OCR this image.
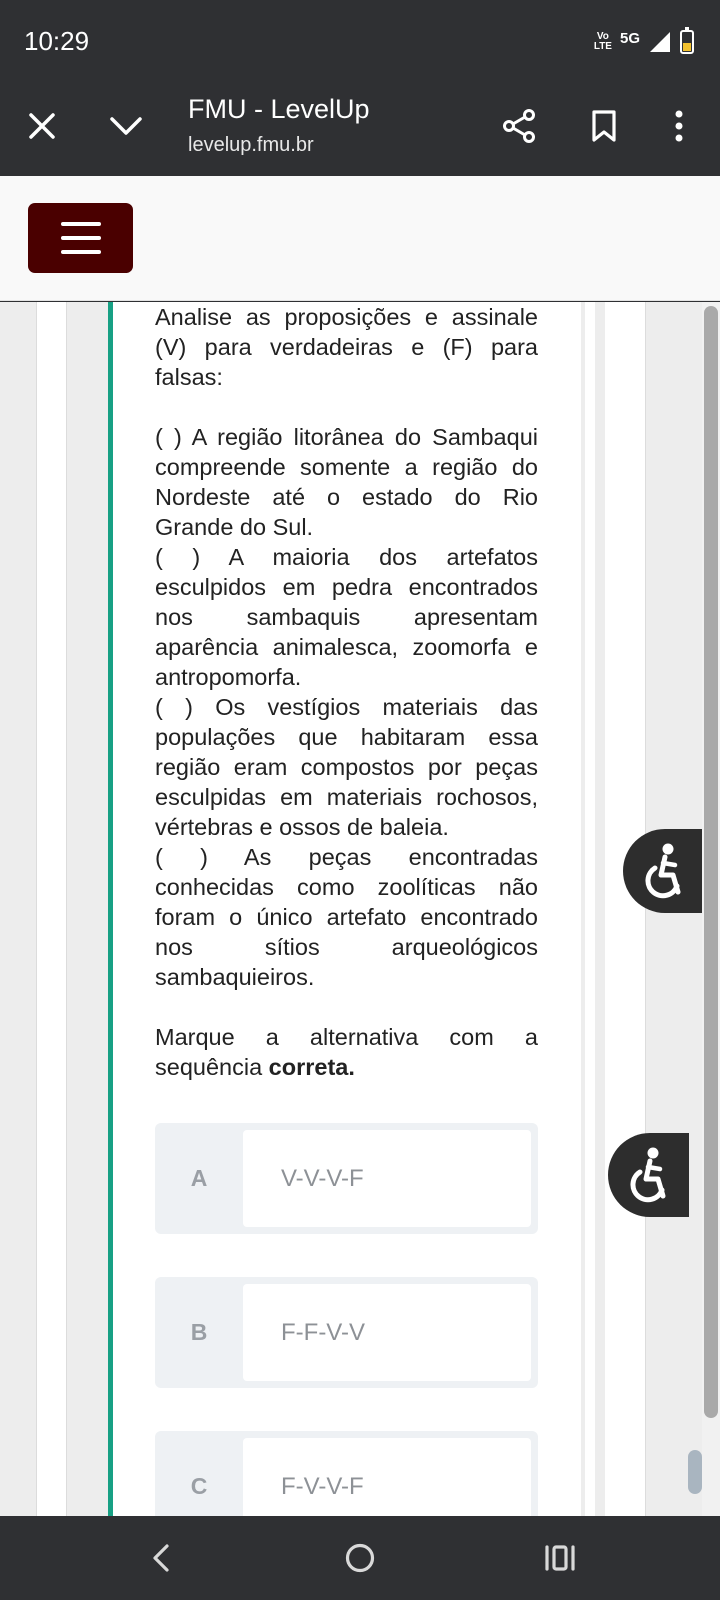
10:29	Vo
LTE 5G
FMU - LevelUp
levelup.fmu.br

Analise as proposições e assinale (V) para verdadeiras e (F) para falsas:

( ) A região litorânea do Sambaqui compreende somente a região do Nordeste até o estado do Rio Grande do Sul.

( ) A maioria dos artefatos esculpidos em pedra encontrados nos sambaquis apresentam aparência animalesca, zoomorfa e antropomorfa.

( ) Os vestígios materiais das populações que habitaram essa região eram compostos por peças esculpidas em materiais rochosos, vértebras e ossos de baleia.

( ) As peças encontradas conhecidas como zoolíticas não foram o único artefato encontrado nos sítios arqueológicos sambaquieiros.

Marque a alternativa com a sequência correta.

A	V-V-V-F
B	F-F-V-V
C	F-V-V-F
